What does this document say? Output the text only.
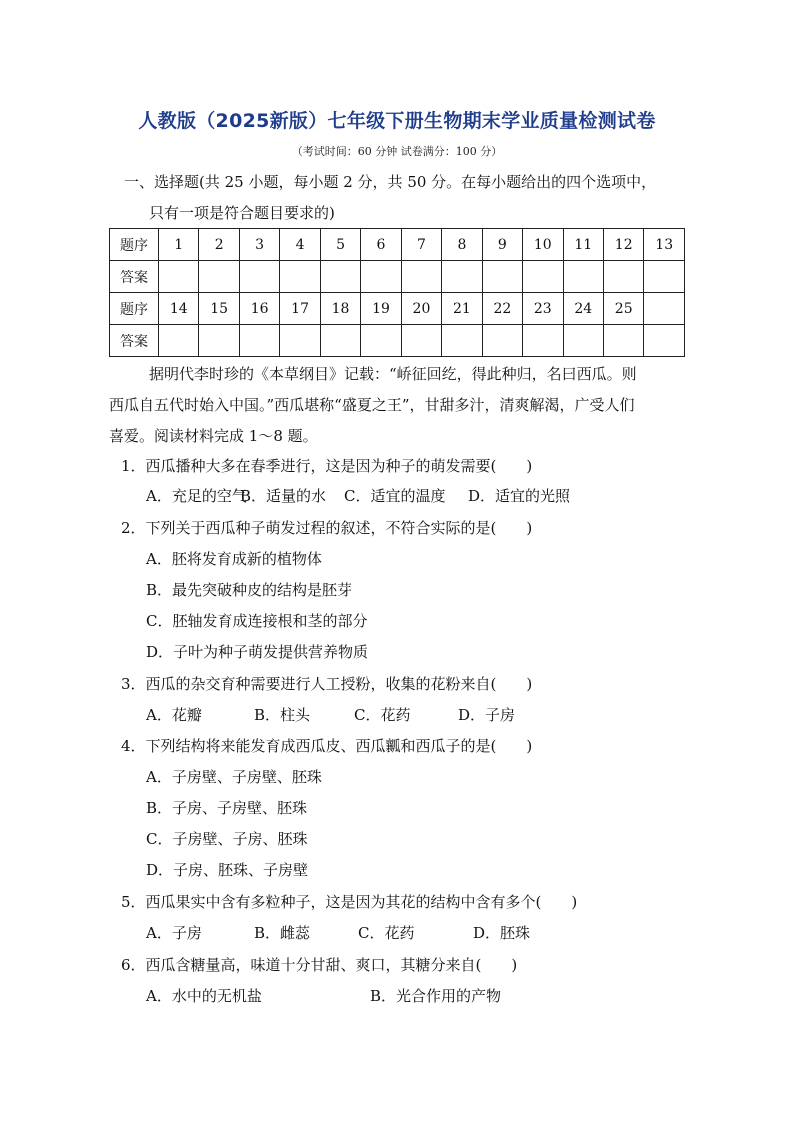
人教版（2025新版）七年级下册生物期末学业质量检测试卷
（考试时间：60 分钟 试卷满分：100 分）
一、选择题(共 25 小题，每小题 2 分，共 50 分。在每小题给出的四个选项中，
只有一项是符合题目要求的)
题序	1	2	3	4	5	6	7	8	9	10	11	12	13
答案													
题序	14	15	16	17	18	19	20	21	22	23	24	25	
答案													
据明代李时珍的《本草纲目》记载：“峤征回纥，得此种归，名曰西瓜。则
西瓜自五代时始入中国。”西瓜堪称“盛夏之王”，甘甜多汁，清爽解渴，广受人们
喜爱。阅读材料完成 1～8 题。
1．西瓜播种大多在春季进行，这是因为种子的萌发需要(　　)
A．充足的空气B．适量的水 C．适宜的温度 D．适宜的光照
2．下列关于西瓜种子萌发过程的叙述，不符合实际的是(　　)
A．胚将发育成新的植物体
B．最先突破种皮的结构是胚芽
C．胚轴发育成连接根和茎的部分
D．子叶为种子萌发提供营养物质
3．西瓜的杂交育种需要进行人工授粉，收集的花粉来自(　　)
A．花瓣	B．柱头	C．花药	D．子房
4．下列结构将来能发育成西瓜皮、西瓜瓤和西瓜子的是(　　)
A．子房壁、子房壁、胚珠
B．子房、子房壁、胚珠
C．子房壁、子房、胚珠
D．子房、胚珠、子房壁
5．西瓜果实中含有多粒种子，这是因为其花的结构中含有多个(　　)
A．子房	B．雌蕊	C．花药	D．胚珠
6．西瓜含糖量高，味道十分甘甜、爽口，其糖分来自(　　)
A．水中的无机盐	B．光合作用的产物
